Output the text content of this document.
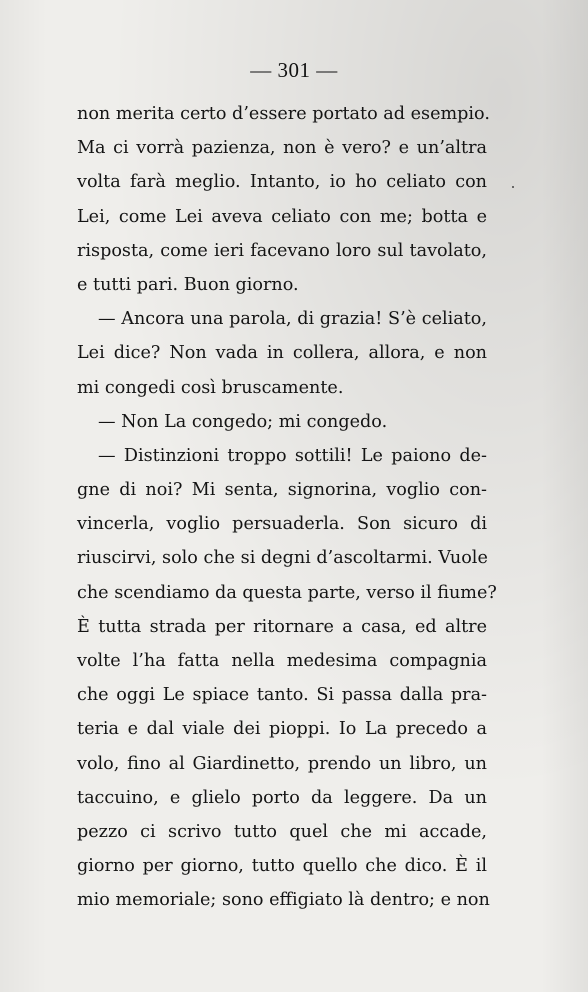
— 301 —
non merita certo d’essere portato ad esempio.
Ma ci vorrà pazienza, non è vero? e un’altra
volta farà meglio. Intanto, io ho celiato con
Lei, come Lei aveva celiato con me; botta e
risposta, come ieri facevano loro sul tavolato,
e tutti pari. Buon giorno.
— Ancora una parola, di grazia! S’è celiato,
Lei dice? Non vada in collera, allora, e non
mi congedi così bruscamente.
— Non La congedo; mi congedo.
— Distinzioni troppo sottili! Le paiono de-
gne di noi? Mi senta, signorina, voglio con-
vincerla, voglio persuaderla. Son sicuro di
riuscirvi, solo che si degni d’ascoltarmi. Vuole
che scendiamo da questa parte, verso il fiume?
È tutta strada per ritornare a casa, ed altre
volte l’ha fatta nella medesima compagnia
che oggi Le spiace tanto. Si passa dalla pra-
teria e dal viale dei pioppi. Io La precedo a
volo, fino al Giardinetto, prendo un libro, un
taccuino, e glielo porto da leggere. Da un
pezzo ci scrivo tutto quel che mi accade,
giorno per giorno, tutto quello che dico. È il
mio memoriale; sono effigiato là dentro; e non
